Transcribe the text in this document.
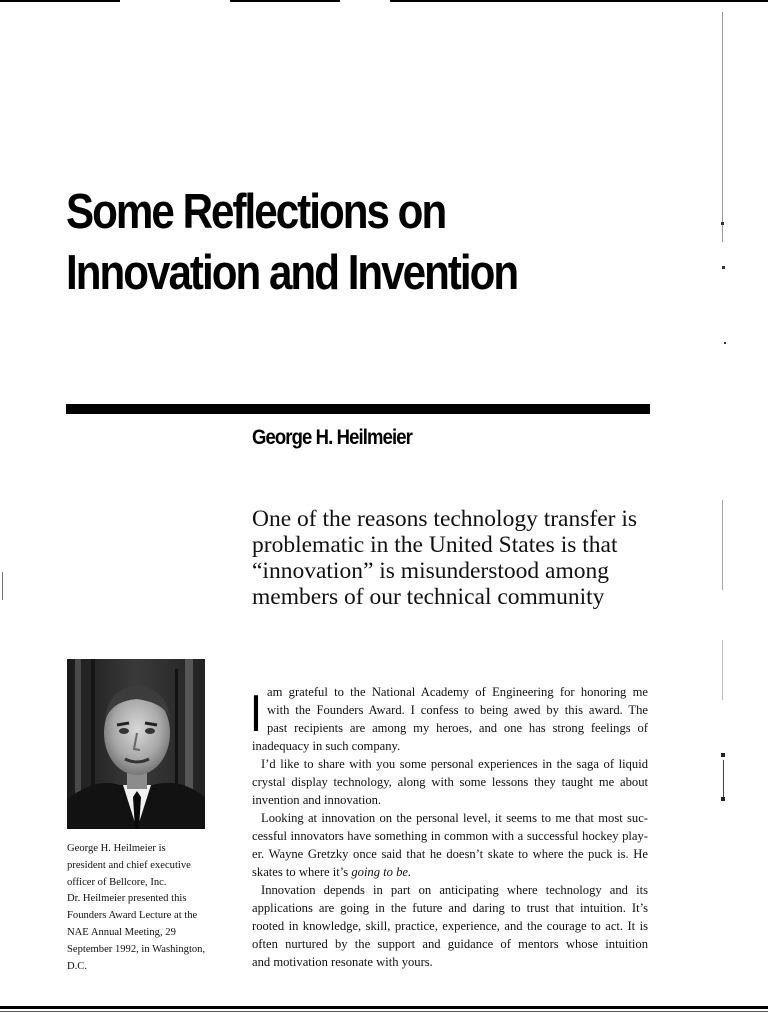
Some Reflections on
Innovation and Invention
George H. Heilmeier
One of the reasons technology transfer is
problematic in the United States is that
“innovation” is misunderstood among
members of our technical community
George H. Heilmeier is
president and chief executive
officer of Bellcore, Inc.
Dr. Heilmeier presented this
Founders Award Lecture at the
NAE Annual Meeting, 29
September 1992, in Washington,
D.C.
I am grateful to the National Academy of Engineering for honoring me
with the Founders Award. I confess to being awed by this award. The
past recipients are among my heroes, and one has strong feelings of
inadequacy in such company.
I’d like to share with you some personal experiences in the saga of liquid
crystal display technology, along with some lessons they taught me about
invention and innovation.
Looking at innovation on the personal level, it seems to me that most suc-
cessful innovators have something in common with a successful hockey play-
er. Wayne Gretzky once said that he doesn’t skate to where the puck is. He
skates to where it’s going to be.
Innovation depends in part on anticipating where technology and its
applications are going in the future and daring to trust that intuition. It’s
rooted in knowledge, skill, practice, experience, and the courage to act. It is
often nurtured by the support and guidance of mentors whose intuition
and motivation resonate with yours.
